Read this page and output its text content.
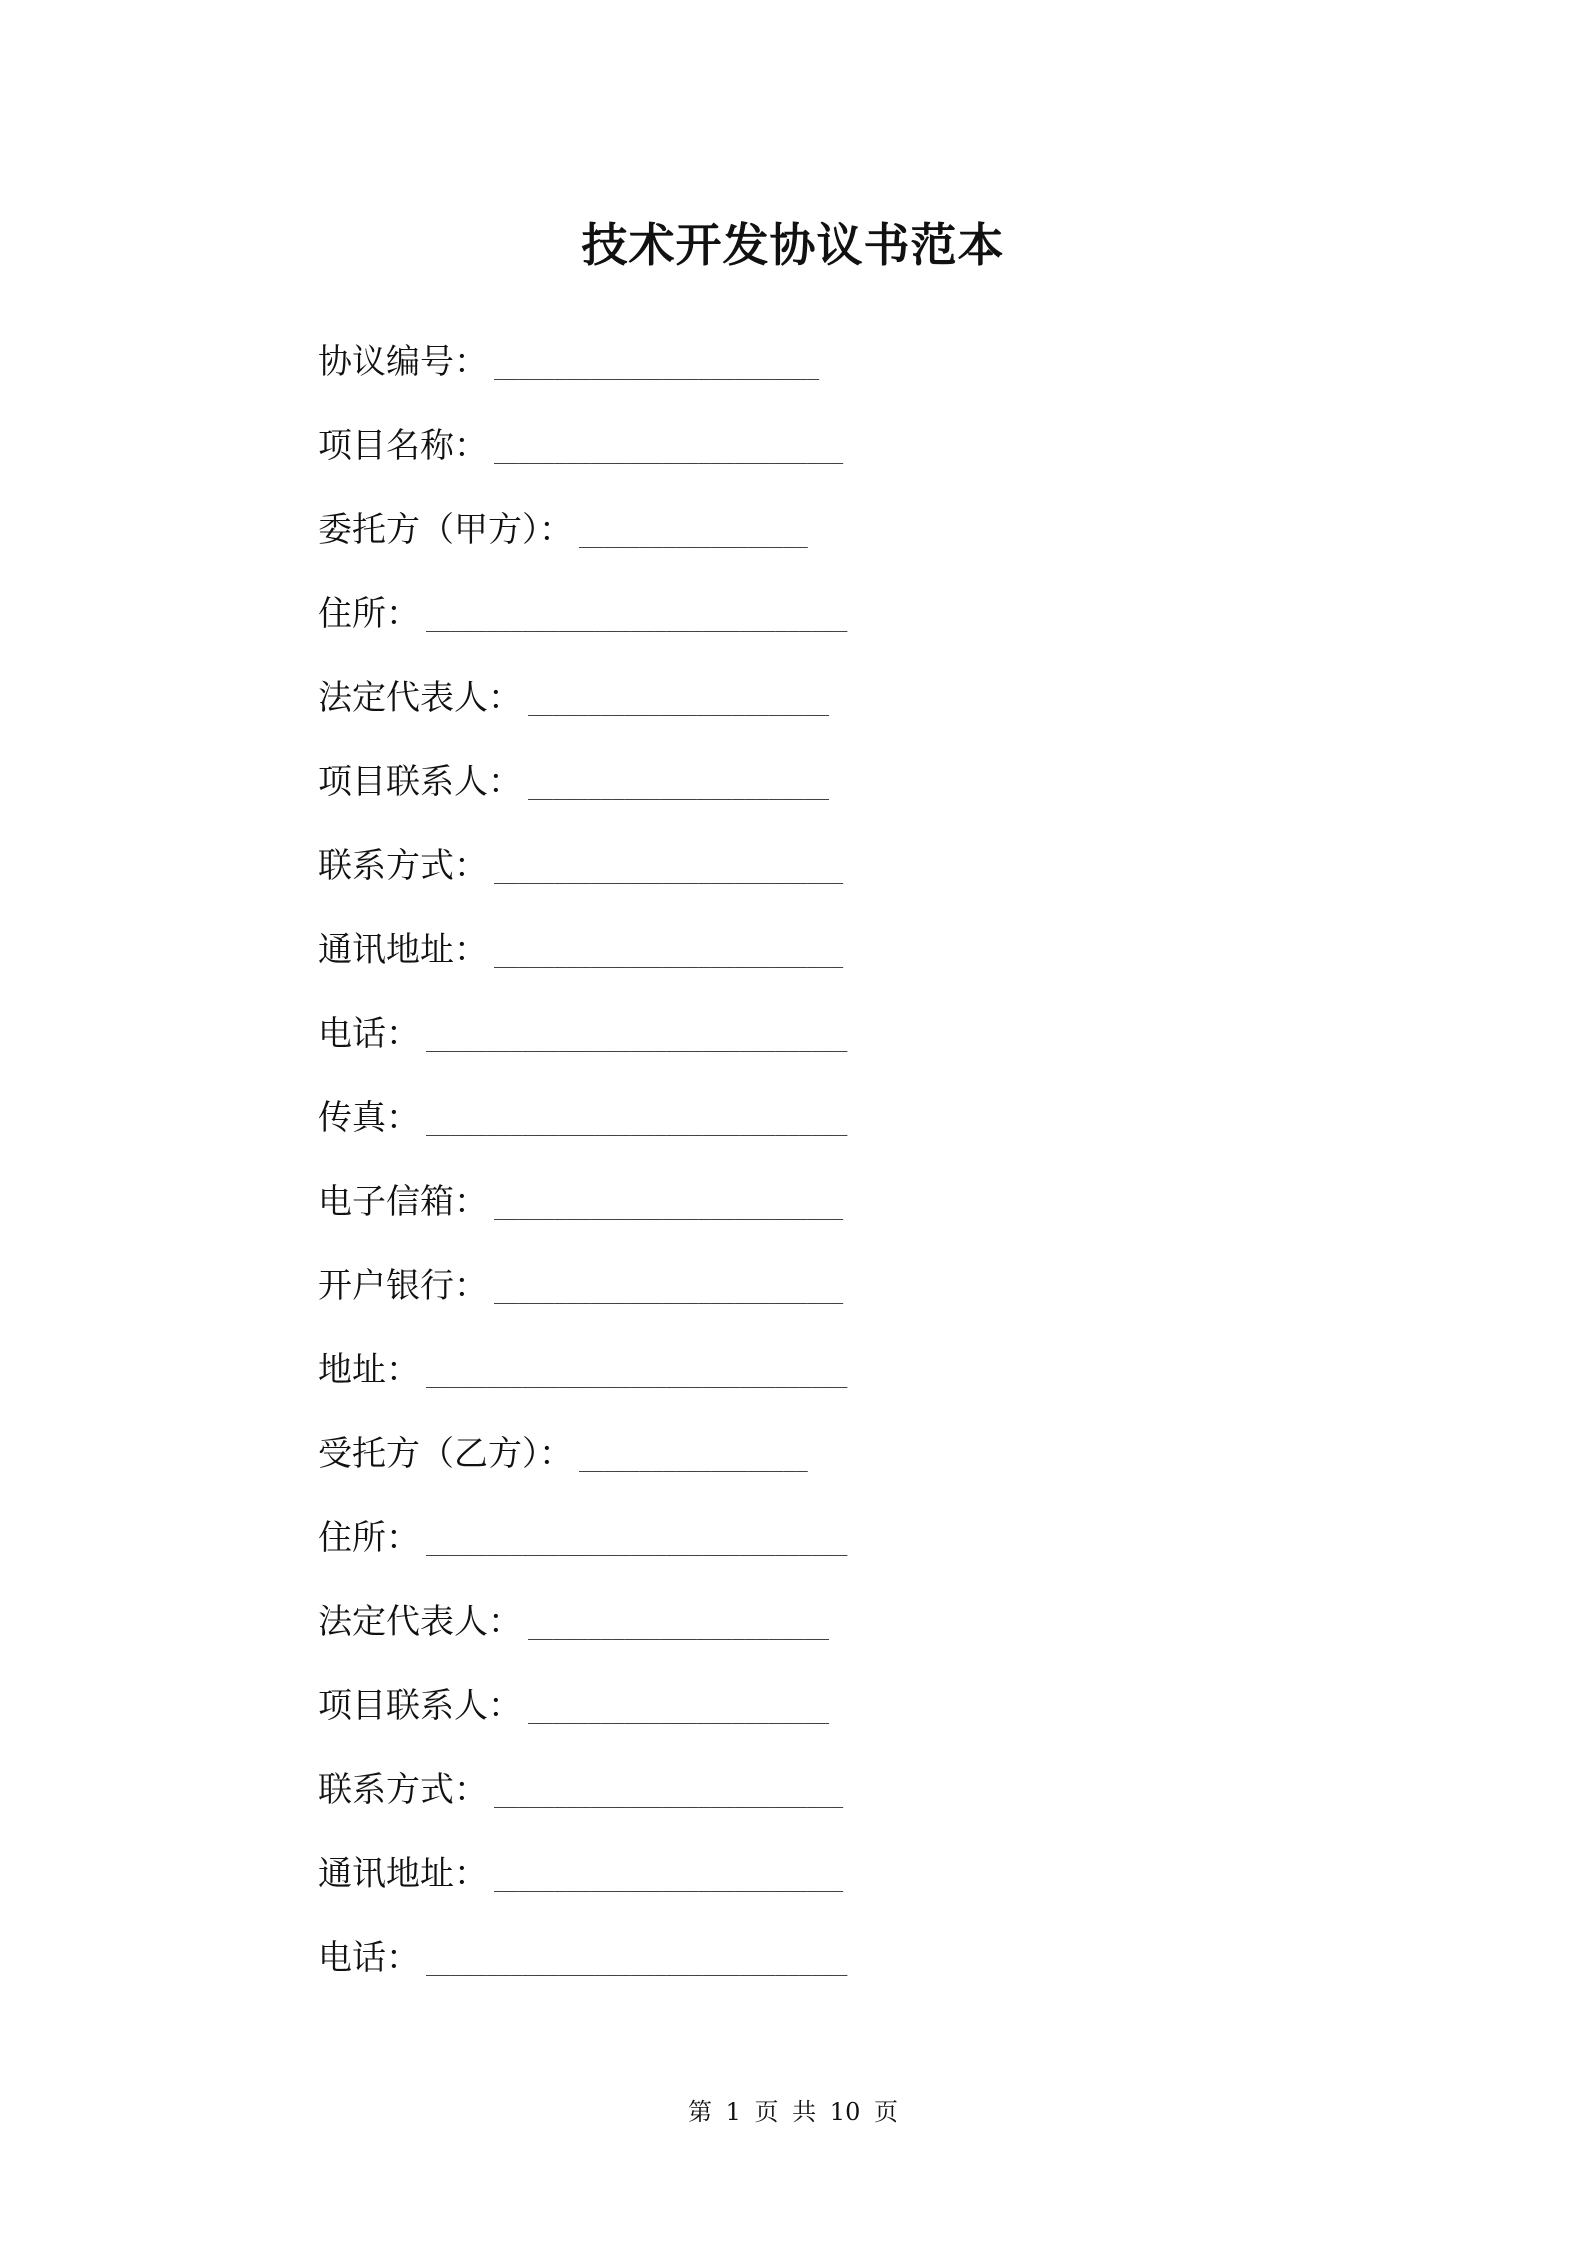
技术开发协议书范本
协议编号： ___________________________
项目名称： _____________________________
委托方（甲方）： ___________________
住所： ___________________________________
法定代表人： _________________________
项目联系人： _________________________
联系方式： _____________________________
通讯地址： _____________________________
电话： ___________________________________
传真： ___________________________________
电子信箱： _____________________________
开户银行： _____________________________
地址： ___________________________________
受托方（乙方）： ___________________
住所： ___________________________________
法定代表人： _________________________
项目联系人： _________________________
联系方式： _____________________________
通讯地址： _____________________________
电话： ___________________________________
第 1 页 共 10 页
